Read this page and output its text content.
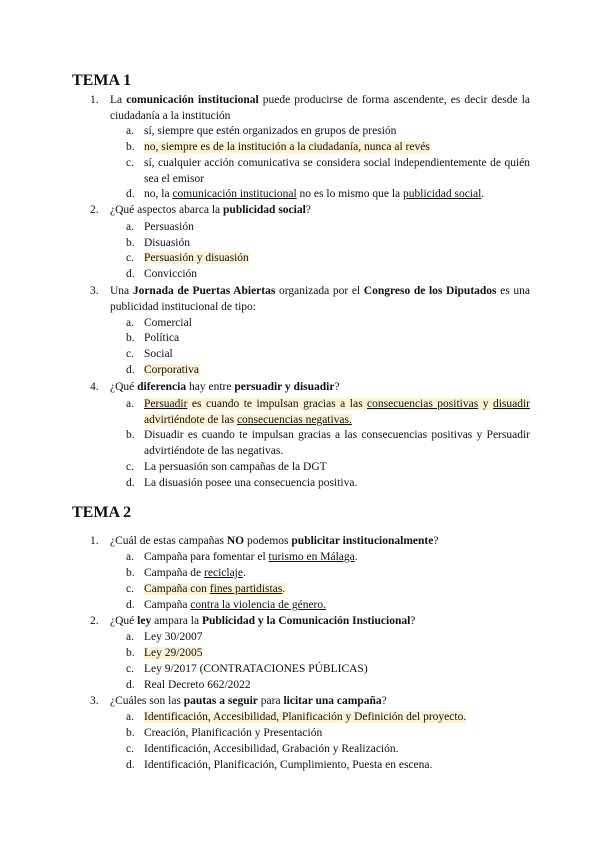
TEMA 1
1. La comunicación institucional puede producirse de forma ascendente, es decir desde la ciudadanía a la institución
a. sí, siempre que estén organizados en grupos de presión
b. no, siempre es de la institución a la ciudadanía, nunca al revés
c. sí, cualquier acción comunicativa se considera social independientemente de quién sea el emisor
d. no, la comunicación institucional no es lo mismo que la publicidad social.
2. ¿Qué aspectos abarca la publicidad social?
a. Persuasión
b. Disuasión
c. Persuasión y disuasión
d. Convicción
3. Una Jornada de Puertas Abiertas organizada por el Congreso de los Diputados es una publicidad institucional de tipo:
a. Comercial
b. Política
c. Social
d. Corporativa
4. ¿Qué diferencia hay entre persuadir y disuadir?
a. Persuadir es cuando te impulsan gracias a las consecuencias positivas y disuadir advirtiéndote de las consecuencias negativas.
b. Disuadir es cuando te impulsan gracias a las consecuencias positivas y Persuadir advirtiéndote de las negativas.
c. La persuasión son campañas de la DGT
d. La disuasión posee una consecuencia positiva.
TEMA 2
1. ¿Cuál de estas campañas NO podemos publicitar institucionalmente?
a. Campaña para fomentar el turismo en Málaga.
b. Campaña de reciclaje.
c. Campaña con fines partidistas.
d. Campaña contra la violencia de género.
2. ¿Qué ley ampara la Publicidad y la Comunicación Instiucional?
a. Ley 30/2007
b. Ley 29/2005
c. Ley 9/2017 (CONTRATACIONES PÚBLICAS)
d. Real Decreto 662/2022
3. ¿Cuáles son las pautas a seguir para licitar una campaña?
a. Identificación, Accesibilidad, Planificación y Definición del proyecto.
b. Creación, Planificación y Presentación
c. Identificación, Accesibilidad, Grabación y Realización.
d. Identificación, Planificación, Cumplimiento, Puesta en escena.
